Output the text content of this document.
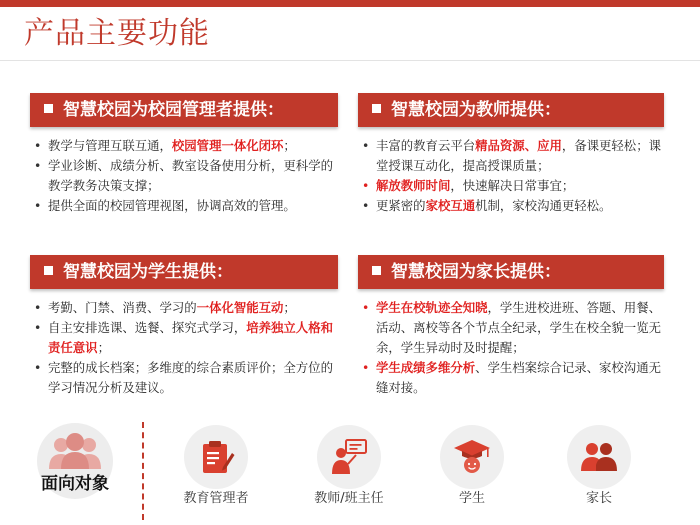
产品主要功能
智慧校园为校园管理者提供：
• 教学与管理互联互通，校园管理一体化闭环；
• 学业诊断、成绩分析、教室设备使用分析，更科学的教学教务决策支撑；
• 提供全面的校园管理视图，协调高效的管理。
智慧校园为教师提供：
• 丰富的教育云平台精品资源、应用，备课更轻松；课堂授课互动化，提高授课质量；
• 解放教师时间，快速解决日常事宜；
• 更紧密的家校互通机制，家校沟通更轻松。
智慧校园为学生提供：
• 考勤、门禁、消费、学习的一体化智能互动；
• 自主安排选课、选餐、探究式学习，培养独立人格和责任意识；
• 完整的成长档案；多维度的综合素质评价；全方位的学习情况分析及建议。
智慧校园为家长提供：
• 学生在校轨迹全知晓，学生进校进班、答题、用餐、活动、离校等各个节点全纪录，学生在校全貌一览无余，学生异动时及时提醒；
• 学生成绩多维分析、学生档案综合记录、家校沟通无缝对接。
面向对象
教育管理者	教师/班主任	学生	家长
